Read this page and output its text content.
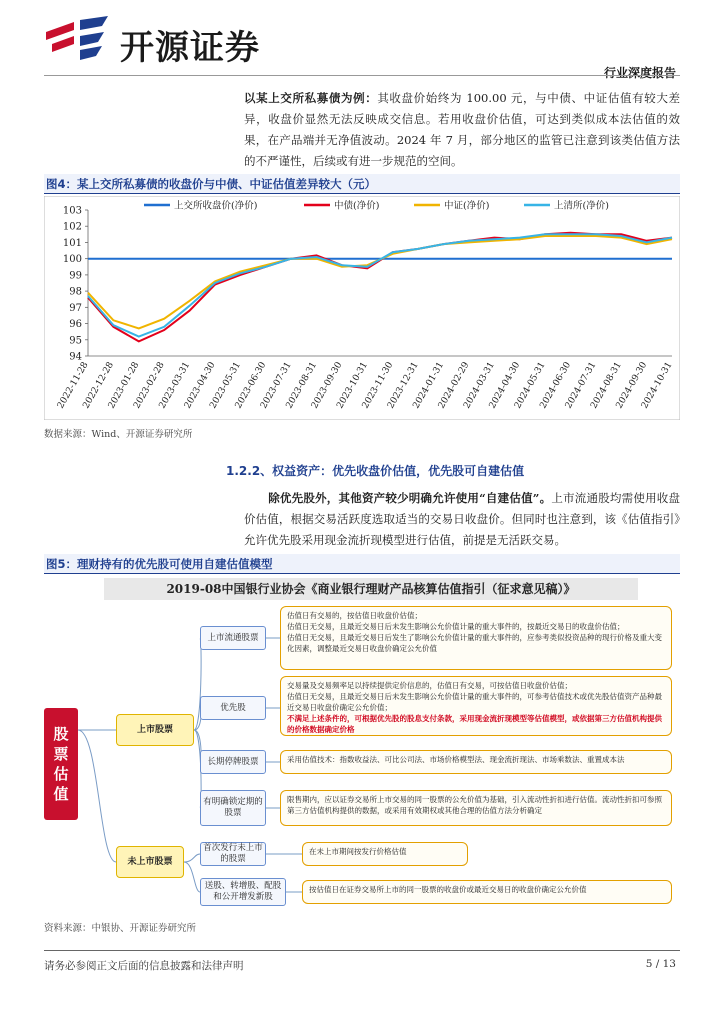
开源证券
行业深度报告
以某上交所私募债为例：其收盘价始终为 100.00 元，与中债、中证估值有较大差异，收盘价显然无法反映成交信息。若用收盘价估值，可达到类似成本法估值的效果，在产品端并无净值波动。2024 年 7 月，部分地区的监管已注意到该类估值方法的不严谨性，后续或有进一步规范的空间。
图4：某上交所私募债的收盘价与中债、中证估值差异较大（元）
103
102
101
100
99
98
97
96
95
94
2022-11-28
2022-12-28
2023-01-28
2023-02-28
2023-03-31
2023-04-30
2023-05-31
2023-06-30
2023-07-31
2023-08-31
2023-09-30
2023-10-31
2023-11-30
2023-12-31
2024-01-31
2024-02-29
2024-03-31
2024-04-30
2024-05-31
2024-06-30
2024-07-31
2024-08-31
2024-09-30
2024-10-31
上交所收盘价(净价)	中债(净价)	中证(净价)	上清所(净价)
数据来源：Wind、开源证券研究所
1.2.2、权益资产：优先收盘价估值，优先股可自建估值
除优先股外，其他资产较少明确允许使用“自建估值”。上市流通股均需使用收盘价估值，根据交易活跃度选取适当的交易日收盘价。但同时也注意到，该《估值指引》允许优先股采用现金流折现模型进行估值，前提是无活跃交易。
图5：理财持有的优先股可使用自建估值模型
2019-08中国银行业协会《商业银行理财产品核算估值指引（征求意见稿）》
股票估值
上市股票
未上市股票
上市流通股票
优先股
长期停牌股票
有明确锁定期的股票
首次发行未上市的股票
送股、转增股、配股和公开增发新股
估值日有交易的，按估值日收盘价估值；
估值日无交易，且最近交易日后未发生影响公允价值计量的重大事件的，按最近交易日的收盘价估值；
估值日无交易，且最近交易日后发生了影响公允价值计量的重大事件的，应参考类似投资品种的现行价格及重大变化因素，调整最近交易日收盘价确定公允价值
交易量及交易频率足以持续提供定价信息的，估值日有交易，可按估值日收盘价估值；
估值日无交易，且最近交易日后未发生影响公允价值计量的重大事件的，可参考估值技术或优先股估值资产品种最近交易日收盘价确定公允价值；
不满足上述条件的，可根据优先股的股息支付条款，采用现金流折现模型等估值模型，或依据第三方估值机构提供的价格数据确定价格
采用估值技术：指数收益法、可比公司法、市场价格模型法、现金流折现法、市场乘数法、重置成本法
限售期内，应以证券交易所上市交易的同一股票的公允价值为基础，引入流动性折扣进行估值。流动性折扣可参照第三方估值机构提供的数据，或采用有效期权或其他合理的估值方法分析确定
在未上市期间按发行价格估值
按估值日在证券交易所上市的同一股票的收盘价或最近交易日的收盘价确定公允价值
资料来源：中银协、开源证券研究所
请务必参阅正文后面的信息披露和法律声明	5 / 13
